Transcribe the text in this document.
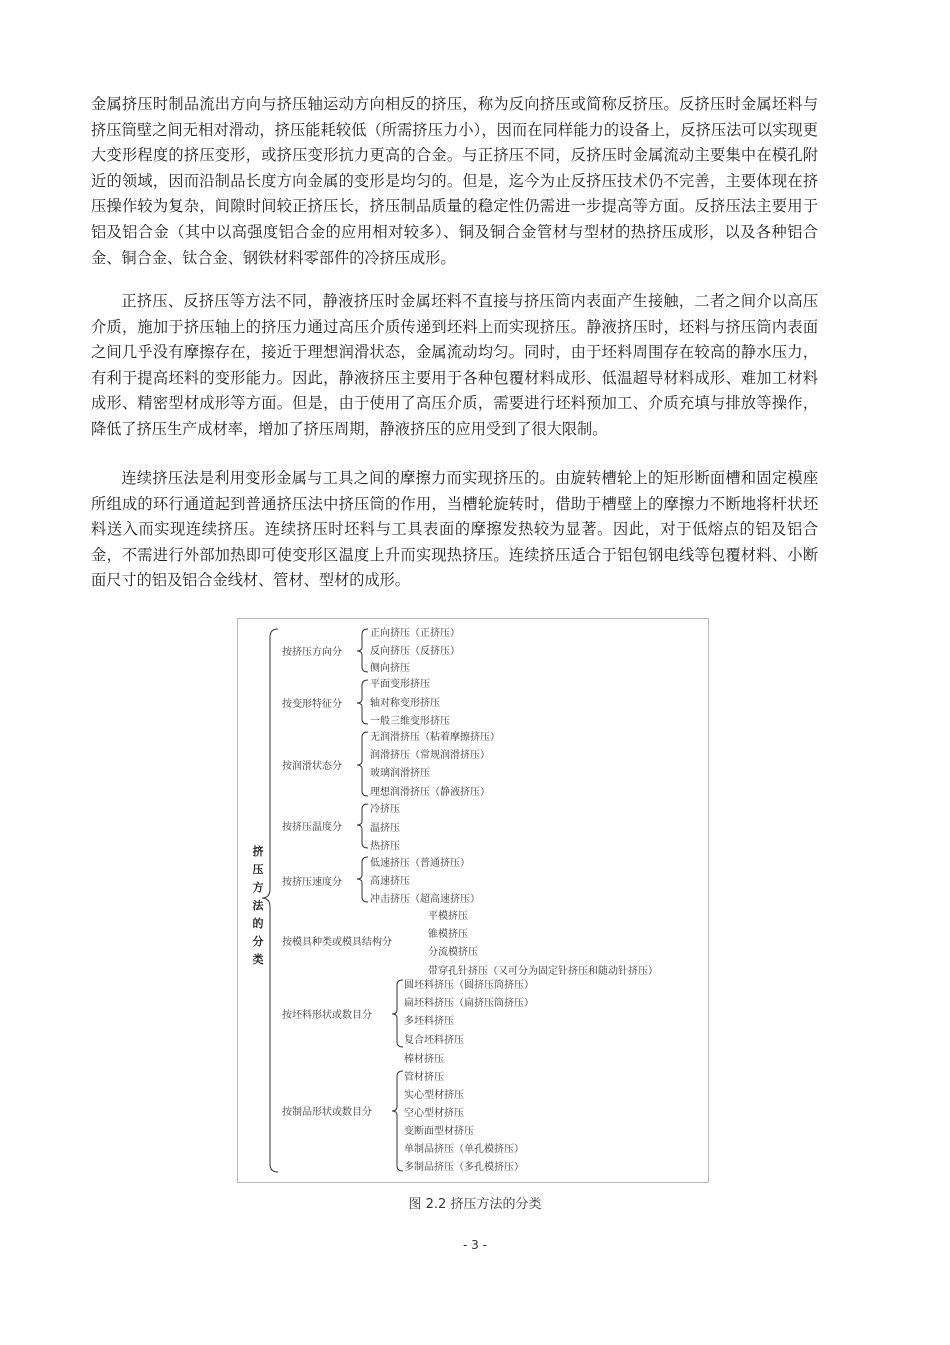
金属挤压时制品流出方向与挤压轴运动方向相反的挤压，称为反向挤压或简称反挤压。反挤压时金属坯料与挤压筒壁之间无相对滑动，挤压能耗较低（所需挤压力小），因而在同样能力的设备上，反挤压法可以实现更大变形程度的挤压变形，或挤压变形抗力更高的合金。与正挤压不同，反挤压时金属流动主要集中在模孔附近的领域，因而沿制品长度方向金属的变形是均匀的。但是，迄今为止反挤压技术仍不完善，主要体现在挤压操作较为复杂，间隙时间较正挤压长，挤压制品质量的稳定性仍需进一步提高等方面。反挤压法主要用于铝及铝合金（其中以高强度铝合金的应用相对较多）、铜及铜合金管材与型材的热挤压成形，以及各种铝合金、铜合金、钛合金、钢铁材料零部件的冷挤压成形。

正挤压、反挤压等方法不同，静液挤压时金属坯料不直接与挤压筒内表面产生接触，二者之间介以高压介质，施加于挤压轴上的挤压力通过高压介质传递到坯料上而实现挤压。静液挤压时，坯料与挤压筒内表面之间几乎没有摩擦存在，接近于理想润滑状态，金属流动均匀。同时，由于坯料周围存在较高的静水压力，有利于提高坯料的变形能力。因此，静液挤压主要用于各种包覆材料成形、低温超导材料成形、难加工材料成形、精密型材成形等方面。但是，由于使用了高压介质，需要进行坯料预加工、介质充填与排放等操作，降低了挤压生产成材率，增加了挤压周期，静液挤压的应用受到了很大限制。

连续挤压法是利用变形金属与工具之间的摩擦力而实现挤压的。由旋转槽轮上的矩形断面槽和固定模座所组成的环行通道起到普通挤压法中挤压筒的作用，当槽轮旋转时，借助于槽壁上的摩擦力不断地将杆状坯料送入而实现连续挤压。连续挤压时坯料与工具表面的摩擦发热较为显著。因此，对于低熔点的铝及铝合金，不需进行外部加热即可使变形区温度上升而实现热挤压。连续挤压适合于铝包钢电线等包覆材料、小断面尺寸的铝及铝合金线材、管材、型材的成形。

挤
压
方
法
的
分
类
按挤压方向分
正向挤压（正挤压）
反向挤压（反挤压）
侧向挤压
按变形特征分
平面变形挤压
轴对称变形挤压
一般三维变形挤压
按润滑状态分
无润滑挤压（粘着摩擦挤压）
润滑挤压（常规润滑挤压）
玻璃润滑挤压
理想润滑挤压（静液挤压）
按挤压温度分
冷挤压
温挤压
热挤压
按挤压速度分
低速挤压（普通挤压）
高速挤压
冲击挤压（超高速挤压）
按模具种类或模具结构分
平模挤压
锥模挤压
分流模挤压
带穿孔针挤压（又可分为固定针挤压和随动针挤压）
按坯料形状或数目分
圆坯料挤压（圆挤压筒挤压）
扁坯料挤压（扁挤压筒挤压）
多坯料挤压
复合坯料挤压
按制品形状或数目分
棒材挤压
管材挤压
实心型材挤压
空心型材挤压
变断面型材挤压
单制品挤压（单孔模挤压）
多制品挤压（多孔模挤压）
图 2.2 挤压方法的分类
- 3 -
